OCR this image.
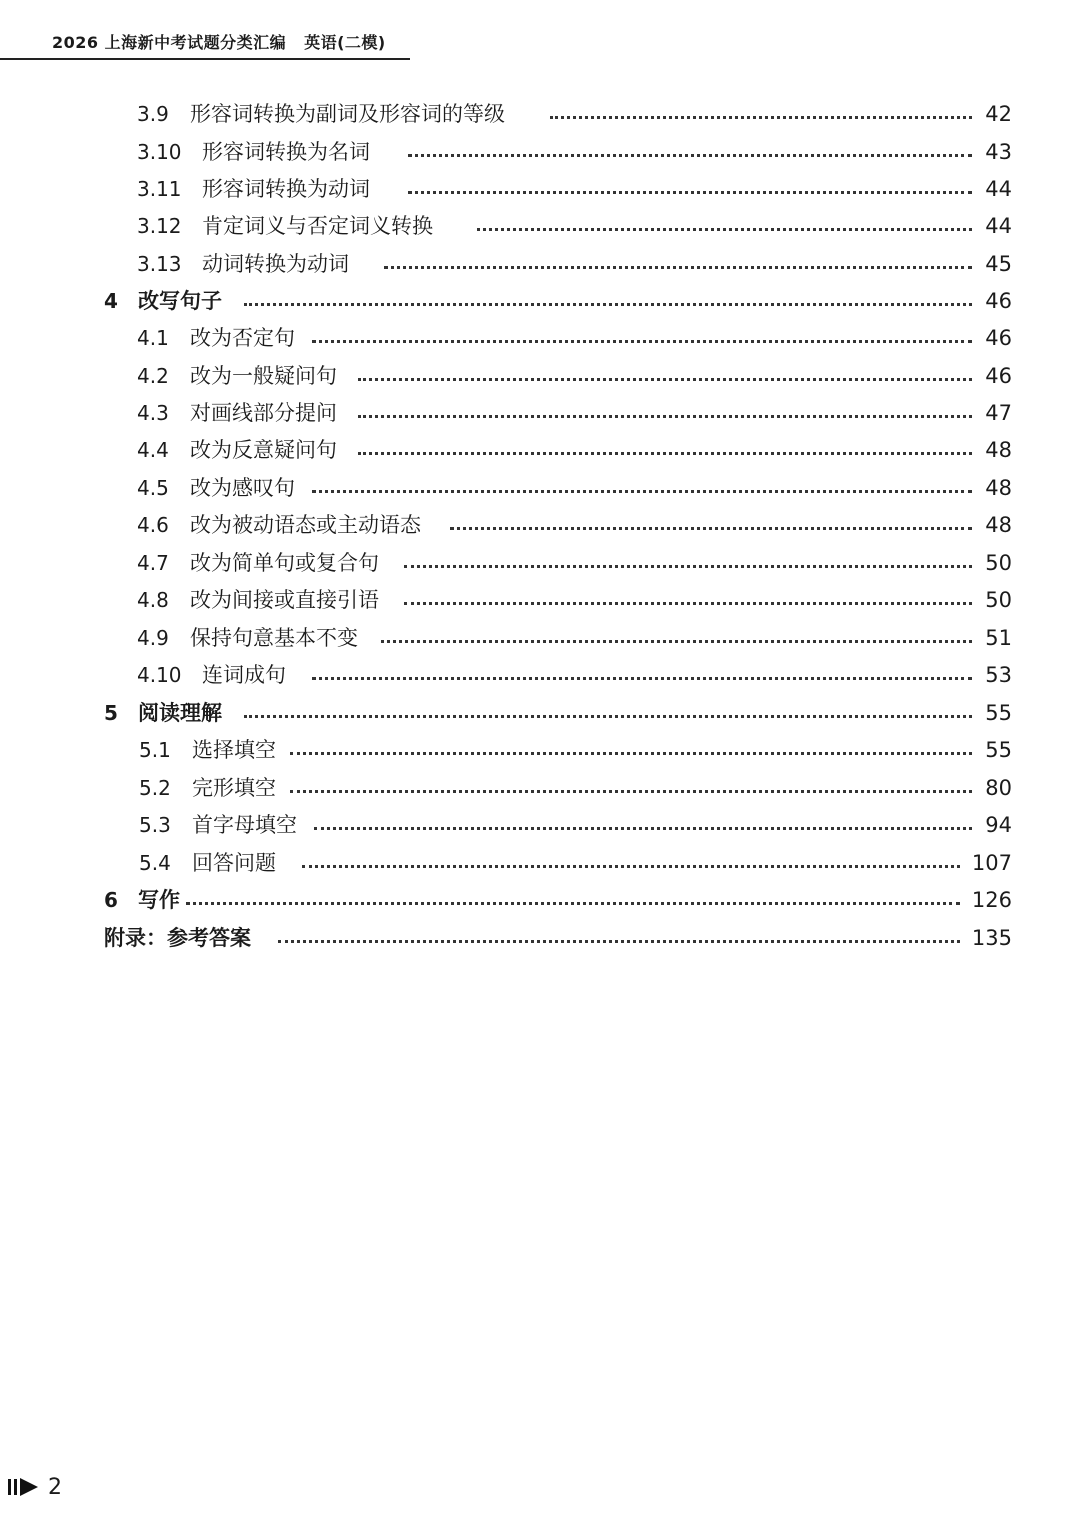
2026 上海新中考试题分类汇编 英语(二模)
3.9 形容词转换为副词及形容词的等级	42
3.10 形容词转换为名词	43
3.11 形容词转换为动词	44
3.12 肯定词义与否定词义转换	44
3.13 动词转换为动词	45
4 改写句子	46
4.1 改为否定句	46
4.2 改为一般疑问句	46
4.3 对画线部分提问	47
4.4 改为反意疑问句	48
4.5 改为感叹句	48
4.6 改为被动语态或主动语态	48
4.7 改为简单句或复合句	50
4.8 改为间接或直接引语	50
4.9 保持句意基本不变	51
4.10 连词成句	53
5 阅读理解	55
5.1 选择填空	55
5.2 完形填空	80
5.3 首字母填空	94
5.4 回答问题	107
6 写作	126
附录：参考答案	135
2
